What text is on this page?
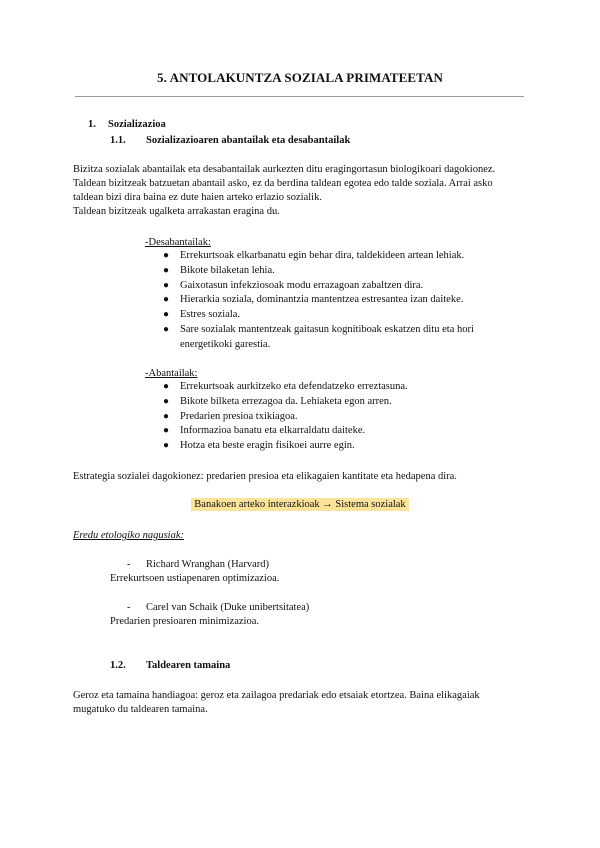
5. ANTOLAKUNTZA SOZIALA PRIMATEETAN
1. Sozializazioa
1.1. Sozializazioaren abantailak eta desabantailak
Bizitza sozialak abantailak eta desabantailak aurkezten ditu eragingortasun biologikoari dagokionez.
Taldean bizitzeak batzuetan abantail asko, ez da berdina taldean egotea edo talde soziala. Arrai asko
taldean bizi dira baina ez dute haien arteko erlazio sozialik.
Taldean bizitzeak ugalketa arrakastan eragina du.
-Desabantailak:
● Errekurtsoak elkarbanatu egin behar dira, taldekideen artean lehiak.
● Bikote bilaketan lehia.
● Gaixotasun infekziosoak modu errazagoan zabaltzen dira.
● Hierarkia soziala, dominantzia mantentzea estresantea izan daiteke.
● Estres soziala.
● Sare sozialak mantentzeak gaitasun kognitiboak eskatzen ditu eta hori
energetikoki garestia.
-Abantailak:
● Errekurtsoak aurkitzeko eta defendatzeko erreztasuna.
● Bikote bilketa errezagoa da. Lehiaketa egon arren.
● Predarien presioa txikiagoa.
● Informazioa banatu eta elkarraldatu daiteke.
● Hotza eta beste eragin fisikoei aurre egin.
Estrategia sozialei dagokionez: predarien presioa eta elikagaien kantitate eta hedapena dira.
Banakoen arteko interazkioak → Sistema sozialak
Eredu etologiko nagusiak:
- Richard Wranghan (Harvard)
Errekurtsoen ustiapenaren optimizazioa.
- Carel van Schaik (Duke unibertsitatea)
Predarien presioaren minimizazioa.
1.2. Taldearen tamaina
Geroz eta tamaina handiagoa: geroz eta zailagoa predariak edo etsaiak etortzea. Baina elikagaiak
mugatuko du taldearen tamaina.
